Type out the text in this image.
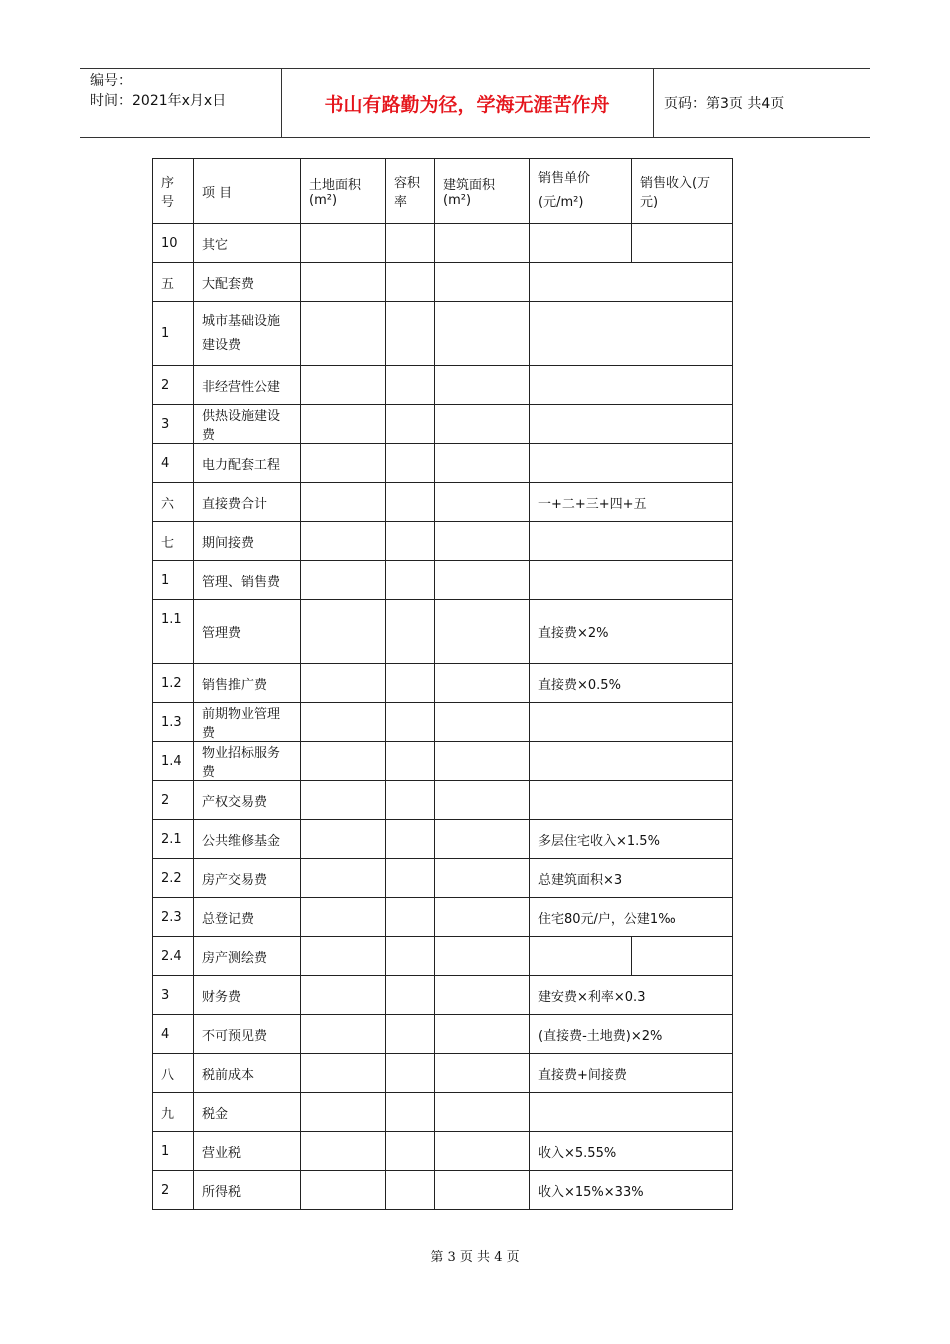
编号：
时间：2021年x月x日	书山有路勤为径，学海无涯苦作舟	页码：第3页 共4页
序号	项 目	土地面积(m²)	容积率	建筑面积(m²)	销售单价(元/m²)	销售收入(万元)
10	其它					
五	大配套费					
1	城市基础设施建设费					
2	非经营性公建					
3	供热设施建设费					
4	电力配套工程					
六	直接费合计				一+二+三+四+五	
七	期间接费					
1	管理、销售费					
1.1	管理费				直接费×2%	
1.2	销售推广费				直接费×0.5%	
1.3	前期物业管理费					
1.4	物业招标服务费					
2	产权交易费					
2.1	公共维修基金				多层住宅收入×1.5%	
2.2	房产交易费				总建筑面积×3	
2.3	总登记费				住宅80元/户，公建1‰	
2.4	房产测绘费					
3	财务费				建安费×利率×0.3	
4	不可预见费				(直接费-土地费)×2%	
八	税前成本				直接费+间接费	
九	税金					
1	营业税				收入×5.55%	
2	所得税				收入×15%×33%	
第 3 页 共 4 页
